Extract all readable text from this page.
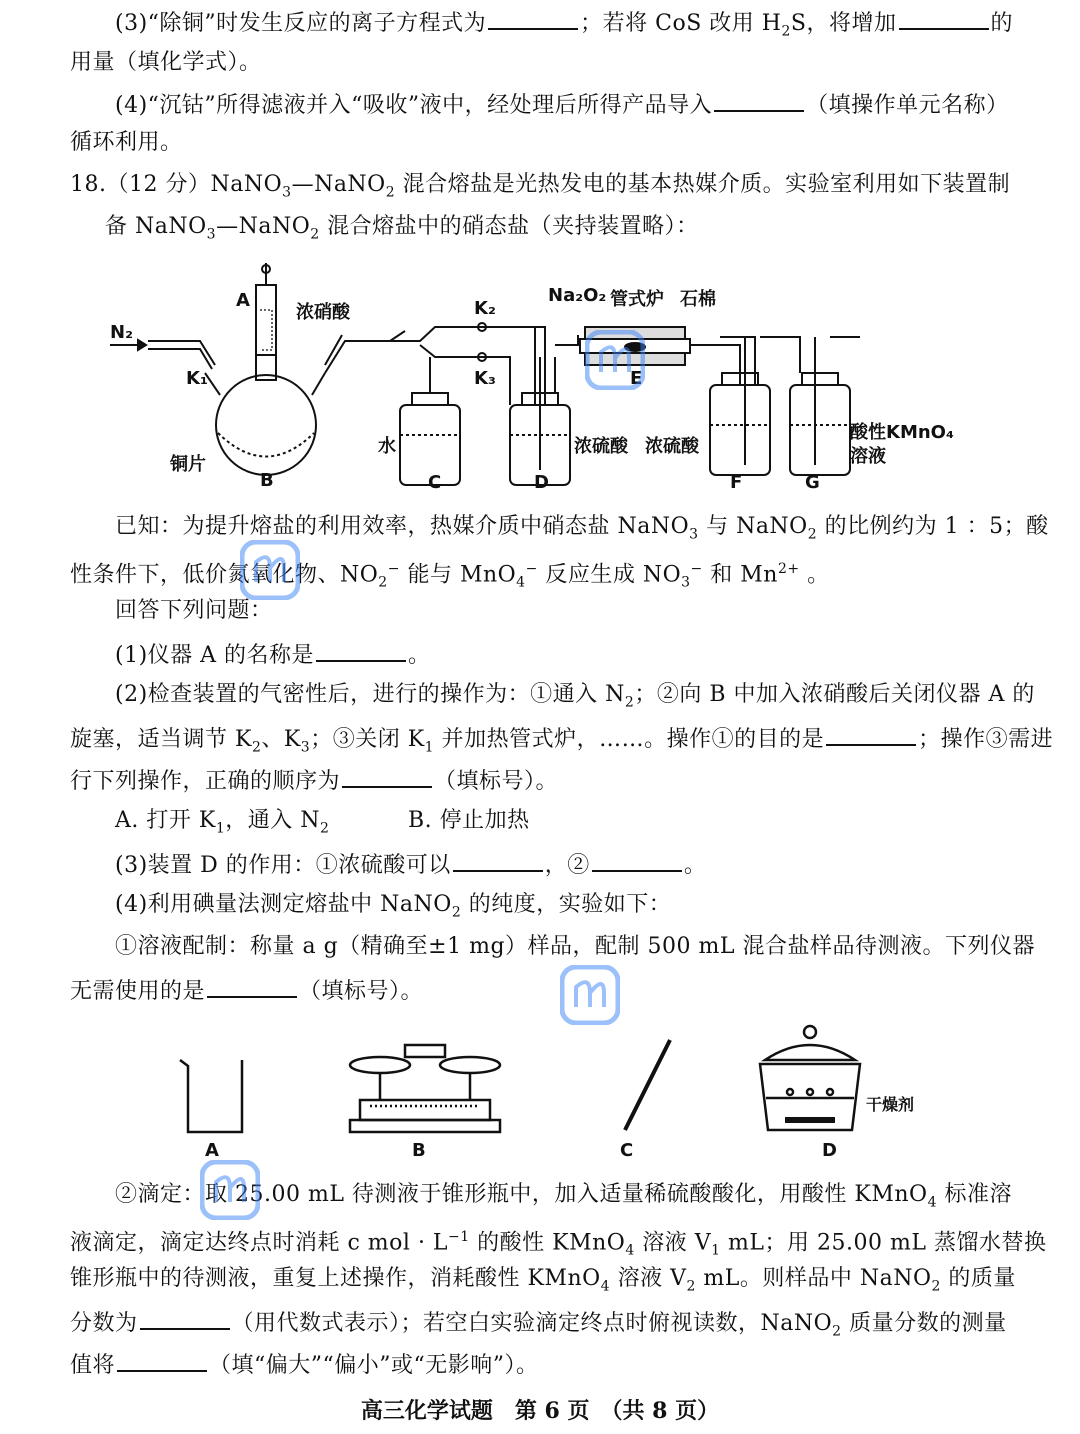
(3)“除铜”时发生反应的离子方程式为	；若将 CoS 改用 $H_2S$，将增加	的
用量（填化学式）。
(4)“沉钴”所得滤液并入“吸收”液中，经处理后所得产品导入	（填操作单元名称）
循环利用。
18.（12 分）NaNO$_3$—NaNO$_2$ 混合熔盐是光热发电的基本热媒介质。实验室利用如下装置制
备 NaNO$_3$—NaNO$_2$ 混合熔盐中的硝态盐（夹持装置略）：
N₂
A
浓硝酸
K₁
铜片
B
K₂
K₃
水
C	D
浓硫酸
Na₂O₂ 管式炉 石棉
E
浓硫酸
F	G
酸性KMnO₄
溶液
已知：为提升熔盐的利用效率，热媒介质中硝态盐 NaNO$_3$ 与 NaNO$_2$ 的比例约为 1 ：5；酸
性条件下，低价氮氧化物、$NO_2^-$ 能与 MnO$_4$− 反应生成 $NO_3^-$ 和 $Mn^{2+}$ 。
回答下列问题：
(1)仪器 A 的名称是	。
(2)检查装置的气密性后，进行的操作为：①通入 $N_2$；②向 B 中加入浓硝酸后关闭仪器 A 的
旋塞，适当调节 $K_2$、$K_3$；③关闭 $K_1$ 并加热管式炉，……。操作①的目的是	；操作③需进
行下列操作，正确的顺序为	（填标号）。
A. 打开 $K_1$，通入 $N_2$	B. 停止加热
(3)装置 D 的作用：①浓硫酸可以	，②	。
(4)利用碘量法测定熔盐中 NaNO$_2$ 的纯度，实验如下：
①溶液配制：称量 a g（精确至±1 mg）样品，配制 500 mL 混合盐样品待测液。下列仪器
无需使用的是	（填标号）。
A	B	C	D
干燥剂
②滴定：取 25.00 mL 待测液于锥形瓶中，加入适量稀硫酸酸化，用酸性 KMnO$_4$ 标准溶
液滴定，滴定达终点时消耗 c mol · $L^{-1}$ 的酸性 KMnO$_4$ 溶液 $V_1$ mL；用 25.00 mL 蒸馏水替换
锥形瓶中的待测液，重复上述操作，消耗酸性 KMnO$_4$ 溶液 $V_2$ mL。则样品中 NaNO$_2$ 的质量
分数为	（用代数式表示）；若空白实验滴定终点时俯视读数，NaNO$_2$ 质量分数的测量
值将	（填“偏大”“偏小”或“无影响”）。
高三化学试题　第 6 页　（共 8 页）
